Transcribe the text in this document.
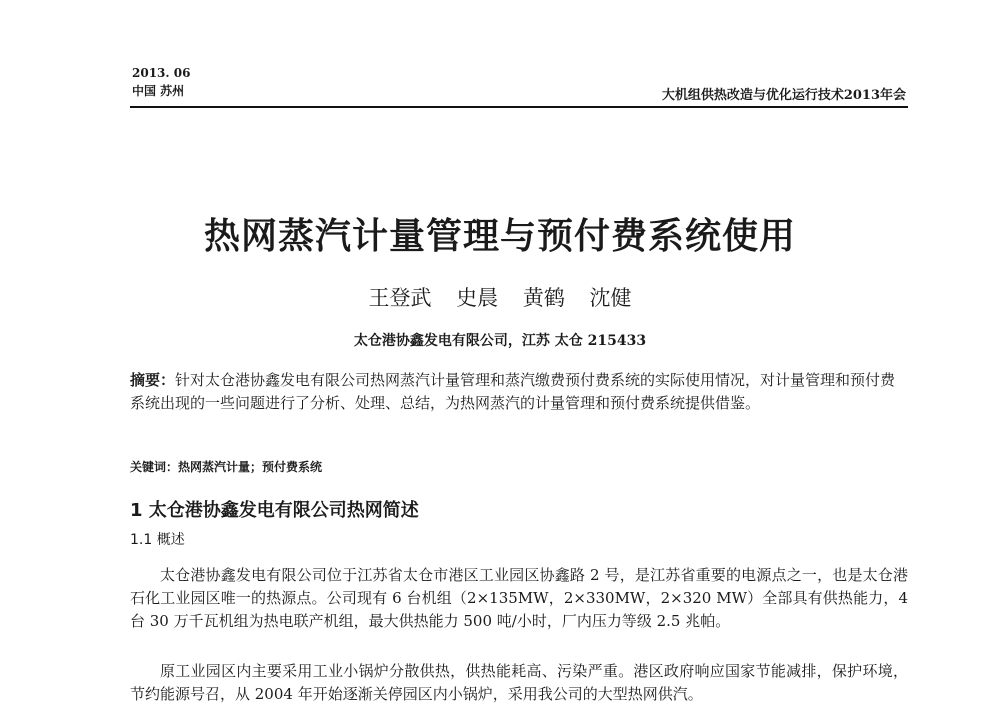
2013. 06
中国 苏州	大机组供热改造与优化运行技术2013年会
热网蒸汽计量管理与预付费系统使用
王登武 史晨 黄鹤 沈健
太仓港协鑫发电有限公司，江苏 太仓 215433

摘要：针对太仓港协鑫发电有限公司热网蒸汽计量管理和蒸汽缴费预付费系统的实际使用情况，对计量管理和预付费系统出现的一些问题进行了分析、处理、总结，为热网蒸汽的计量管理和预付费系统提供借鉴。

关键词：热网蒸汽计量；预付费系统
1 太仓港协鑫发电有限公司热网简述
1.1 概述

太仓港协鑫发电有限公司位于江苏省太仓市港区工业园区协鑫路 2 号，是江苏省重要的电源点之一，也是太仓港石化工业园区唯一的热源点。公司现有 6 台机组（2×135MW，2×330MW，2×320 MW）全部具有供热能力，4 台 30 万千瓦机组为热电联产机组，最大供热能力 500 吨/小时，厂内压力等级 2.5 兆帕。

原工业园区内主要采用工业小锅炉分散供热，供热能耗高、污染严重。港区政府响应国家节能减排，保护环境，节约能源号召，从 2004 年开始逐渐关停园区内小锅炉，采用我公司的大型热网供汽。
